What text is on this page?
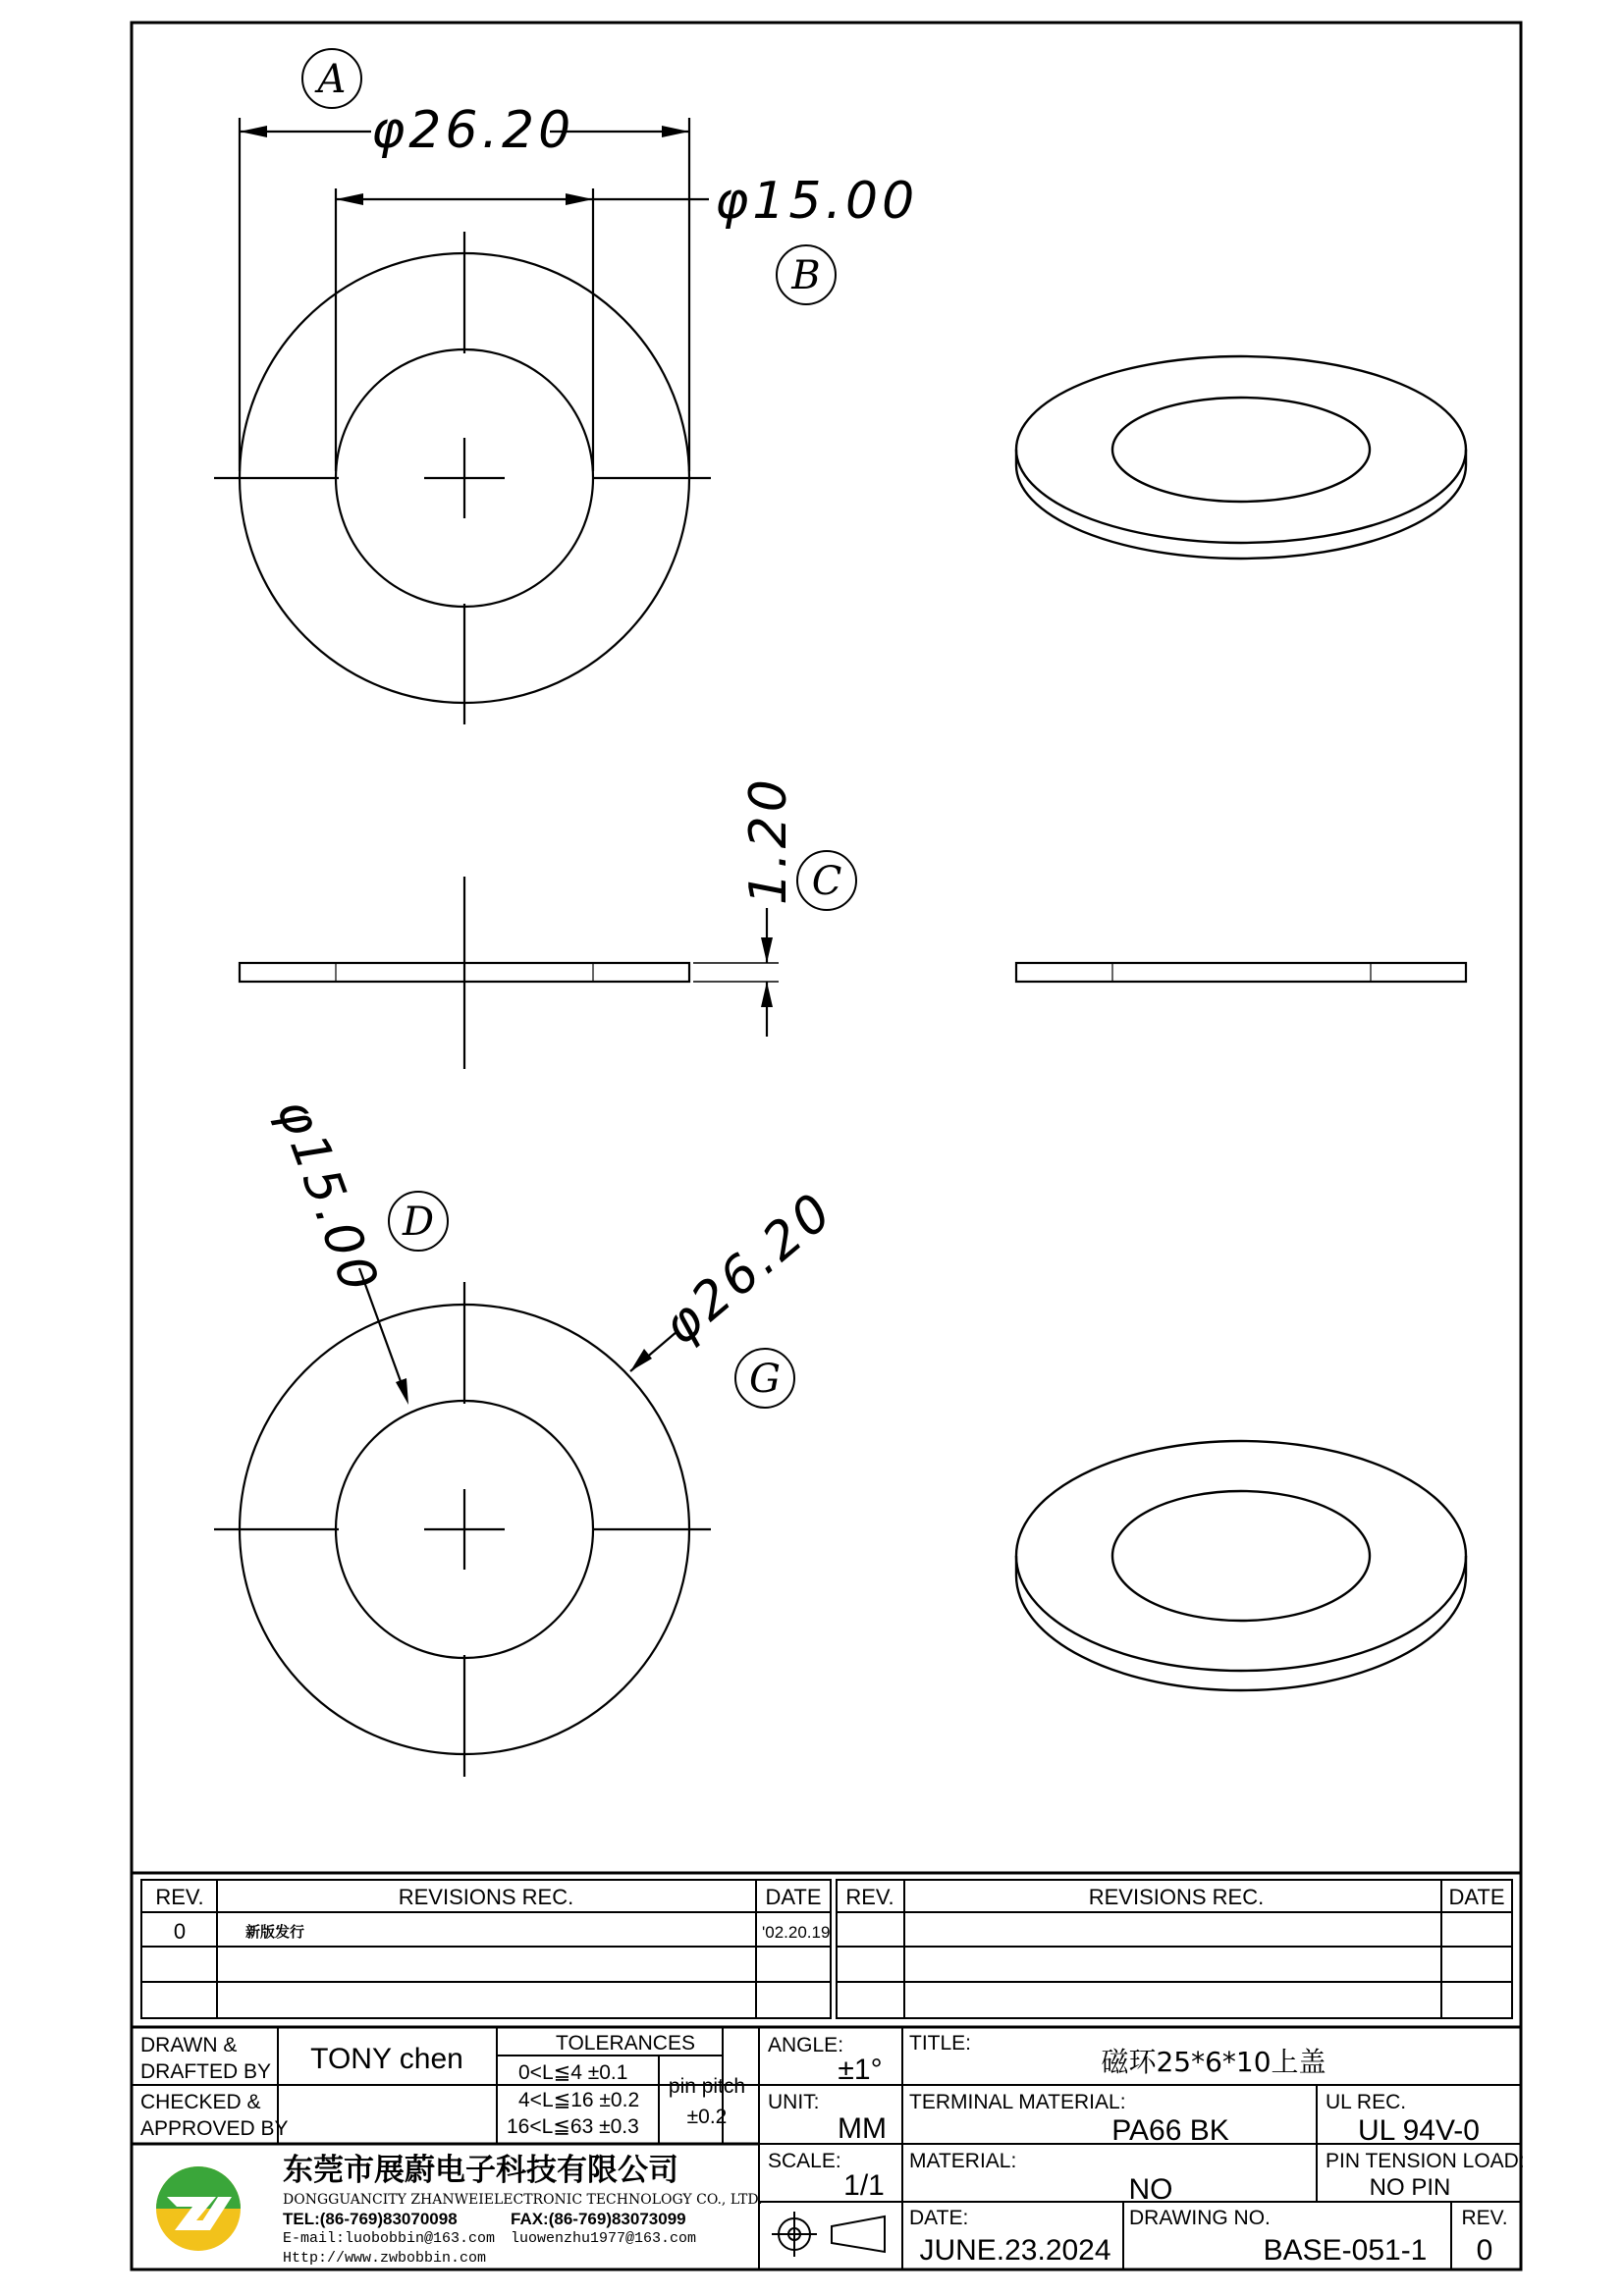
φ26.20
φ15.00
A
B
1.20 C
φ15.00	φ26.20
D
G
REV.	REVISIONS REC.	DATE
0	新版发行	'02.20.19
REV.	REVISIONS REC.	DATE
DRAWN &
DRAFTED BY TONY chen
CHECKED &
APPROVED BY
TOLERANCES
0<L≦4 ±0.1
4<L≦16 ±0.2
16<L≦63 ±0.3
pin pitch
±0.2
ANGLE:
±1°
UNIT:
MM
SCALE:
1/1
TITLE:
磁环25*6*10上盖
TERMINAL MATERIAL:
PA66 BK
UL REC.
UL 94V-0
MATERIAL:
NO
PIN TENSION LOAD:
NO PIN
DATE:
JUNE.23.2024
DRAWING NO.
BASE-051-1
REV.
0
东莞市展蔚电子科技有限公司
DONGGUANCITY ZHANWEIELECTRONIC TECHNOLOGY CO., LTD.
TEL:(86-769)83070098	FAX:(86-769)83073099
E-mail:luobobbin@163.com luowenzhu1977@163.com
Http://www.zwbobbin.com
